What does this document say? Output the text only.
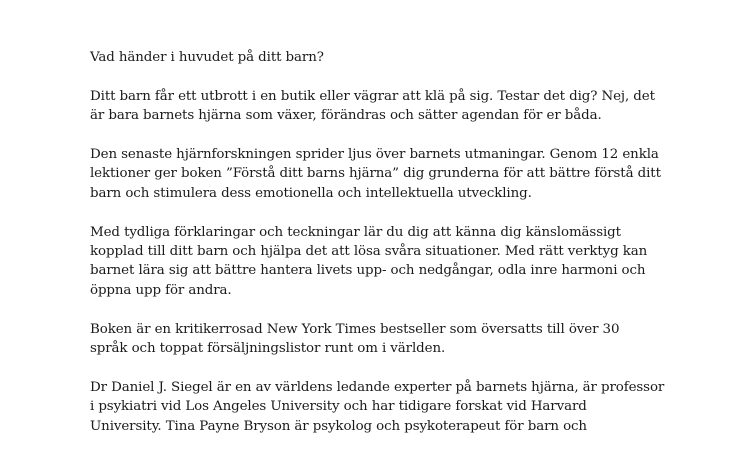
Vad händer i huvudet på ditt barn?

Ditt barn får ett utbrott i en butik eller vägrar att klä på sig. Testar det dig? Nej, det
är bara barnets hjärna som växer, förändras och sätter agendan för er båda.

Den senaste hjärnforskningen sprider ljus över barnets utmaningar. Genom 12 enkla
lektioner ger boken ”Förstå ditt barns hjärna” dig grunderna för att bättre förstå ditt
barn och stimulera dess emotionella och intellektuella utveckling.

Med tydliga förklaringar och teckningar lär du dig att känna dig känslomässigt
kopplad till ditt barn och hjälpa det att lösa svåra situationer. Med rätt verktyg kan
barnet lära sig att bättre hantera livets upp- och nedgångar, odla inre harmoni och
öppna upp för andra.

Boken är en kritikerrosad New York Times bestseller som översatts till över 30
språk och toppat försäljningslistor runt om i världen.

Dr Daniel J. Siegel är en av världens ledande experter på barnets hjärna, är professor
i psykiatri vid Los Angeles University och har tidigare forskat vid Harvard
University. Tina Payne Bryson är psykolog och psykoterapeut för barn och
